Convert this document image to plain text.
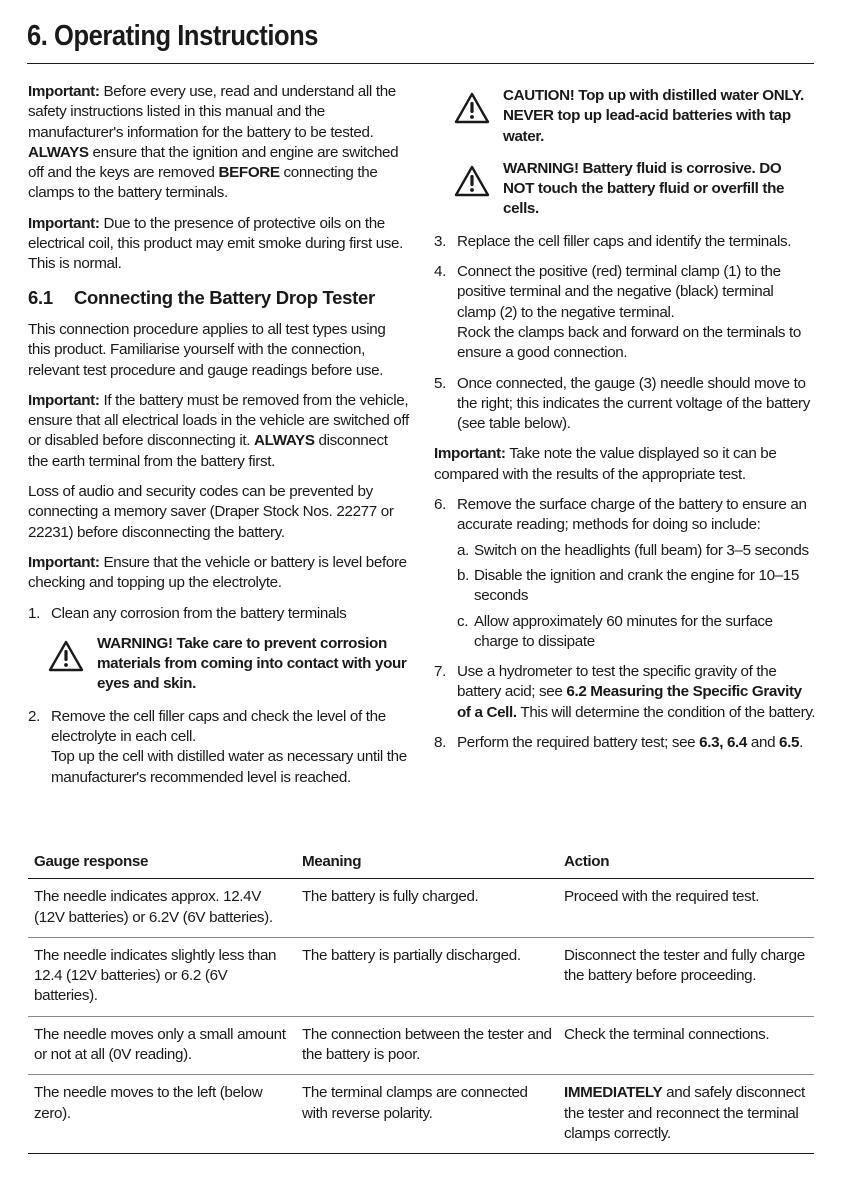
6. Operating Instructions

Important: Before every use, read and understand all the safety instructions listed in this manual and the manufacturer's information for the battery to be tested. ALWAYS ensure that the ignition and engine are switched off and the keys are removed BEFORE connecting the clamps to the battery terminals.

Important: Due to the presence of protective oils on the electrical coil, this product may emit smoke during first use. This is normal.

6.1 Connecting the Battery Drop Tester

This connection procedure applies to all test types using this product. Familiarise yourself with the connection, relevant test procedure and gauge readings before use.

Important: If the battery must be removed from the vehicle, ensure that all electrical loads in the vehicle are switched off or disabled before disconnecting it. ALWAYS disconnect the earth terminal from the battery first.

Loss of audio and security codes can be prevented by connecting a memory saver (Draper Stock Nos. 22277 or 22231) before disconnecting the battery.

Important: Ensure that the vehicle or battery is level before checking and topping up the electrolyte.

1. Clean any corrosion from the battery terminals
WARNING! Take care to prevent corrosion materials from coming into contact with your eyes and skin.
2. Remove the cell filler caps and check the level of the electrolyte in each cell.
Top up the cell with distilled water as necessary until the manufacturer's recommended level is reached.
CAUTION! Top up with distilled water ONLY. NEVER top up lead-acid batteries with tap water.
WARNING! Battery fluid is corrosive. DO NOT touch the battery fluid or overfill the cells.
3. Replace the cell filler caps and identify the terminals.
4. Connect the positive (red) terminal clamp (1) to the positive terminal and the negative (black) terminal clamp (2) to the negative terminal.
Rock the clamps back and forward on the terminals to ensure a good connection.
5. Once connected, the gauge (3) needle should move to the right; this indicates the current voltage of the battery (see table below).

Important: Take note the value displayed so it can be compared with the results of the appropriate test.

6. Remove the surface charge of the battery to ensure an accurate reading; methods for doing so include:
a. Switch on the headlights (full beam) for 3–5 seconds
b. Disable the ignition and crank the engine for 10–15 seconds
c. Allow approximately 60 minutes for the surface charge to dissipate
7. Use a hydrometer to test the specific gravity of the battery acid; see 6.2 Measuring the Specific Gravity of a Cell. This will determine the condition of the battery.
8. Perform the required battery test; see 6.3, 6.4 and 6.5.
Gauge response	Meaning	Action
The needle indicates approx. 12.4V (12V batteries) or 6.2V (6V batteries).	The battery is fully charged.	Proceed with the required test.
The needle indicates slightly less than 12.4 (12V batteries) or 6.2 (6V batteries).	The battery is partially discharged.	Disconnect the tester and fully charge the battery before proceeding.
The needle moves only a small amount or not at all (0V reading).	The connection between the tester and the battery is poor.	Check the terminal connections.
The needle moves to the left (below zero).	The terminal clamps are connected with reverse polarity.	IMMEDIATELY and safely disconnect the tester and reconnect the terminal clamps correctly.
